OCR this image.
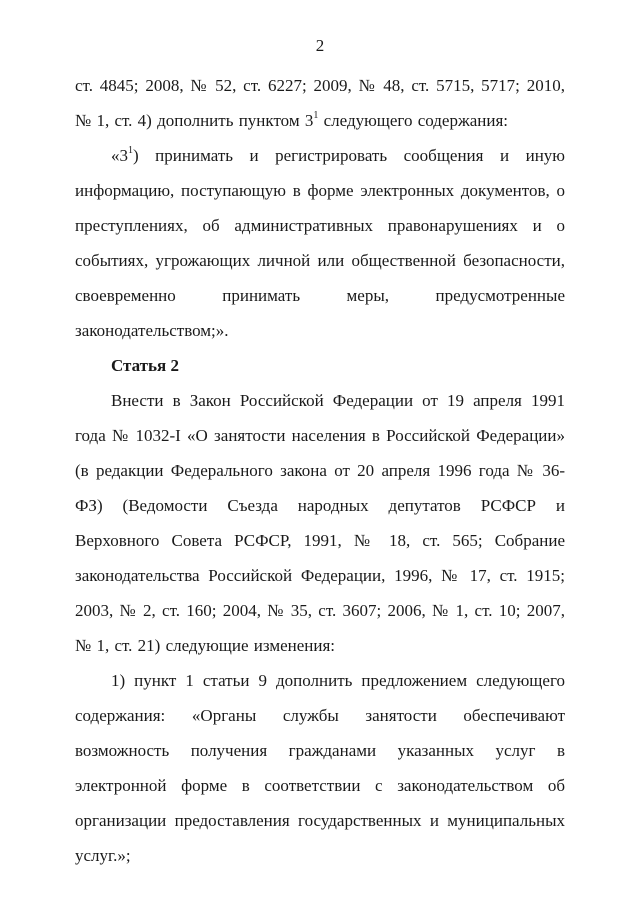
2

ст. 4845; 2008, № 52, ст. 6227; 2009, № 48, ст. 5715, 5717; 2010, № 1, ст. 4) дополнить пунктом $3^1$ следующего содержания:

«$3^1$) принимать и регистрировать сообщения и иную информацию, поступающую в форме электронных документов, о преступлениях, об административных правонарушениях и о событиях, угрожающих личной или общественной безопасности, своевременно принимать меры, предусмотренные законодательством;».

Статья 2

Внести в Закон Российской Федерации от 19 апреля 1991 года № 1032-I «О занятости населения в Российской Федерации» (в редакции Федерального закона от 20 апреля 1996 года № 36-ФЗ) (Ведомости Съезда народных депутатов РСФСР и Верховного Совета РСФСР, 1991, № 18, ст. 565; Собрание законодательства Российской Федерации, 1996, № 17, ст. 1915; 2003, № 2, ст. 160; 2004, № 35, ст. 3607; 2006, № 1, ст. 10; 2007, № 1, ст. 21) следующие изменения:

1) пункт 1 статьи 9 дополнить предложением следующего содержания: «Органы службы занятости обеспечивают возможность получения гражданами указанных услуг в электронной форме в соответствии с законодательством об организации предоставления государственных и муниципальных услуг.»;
